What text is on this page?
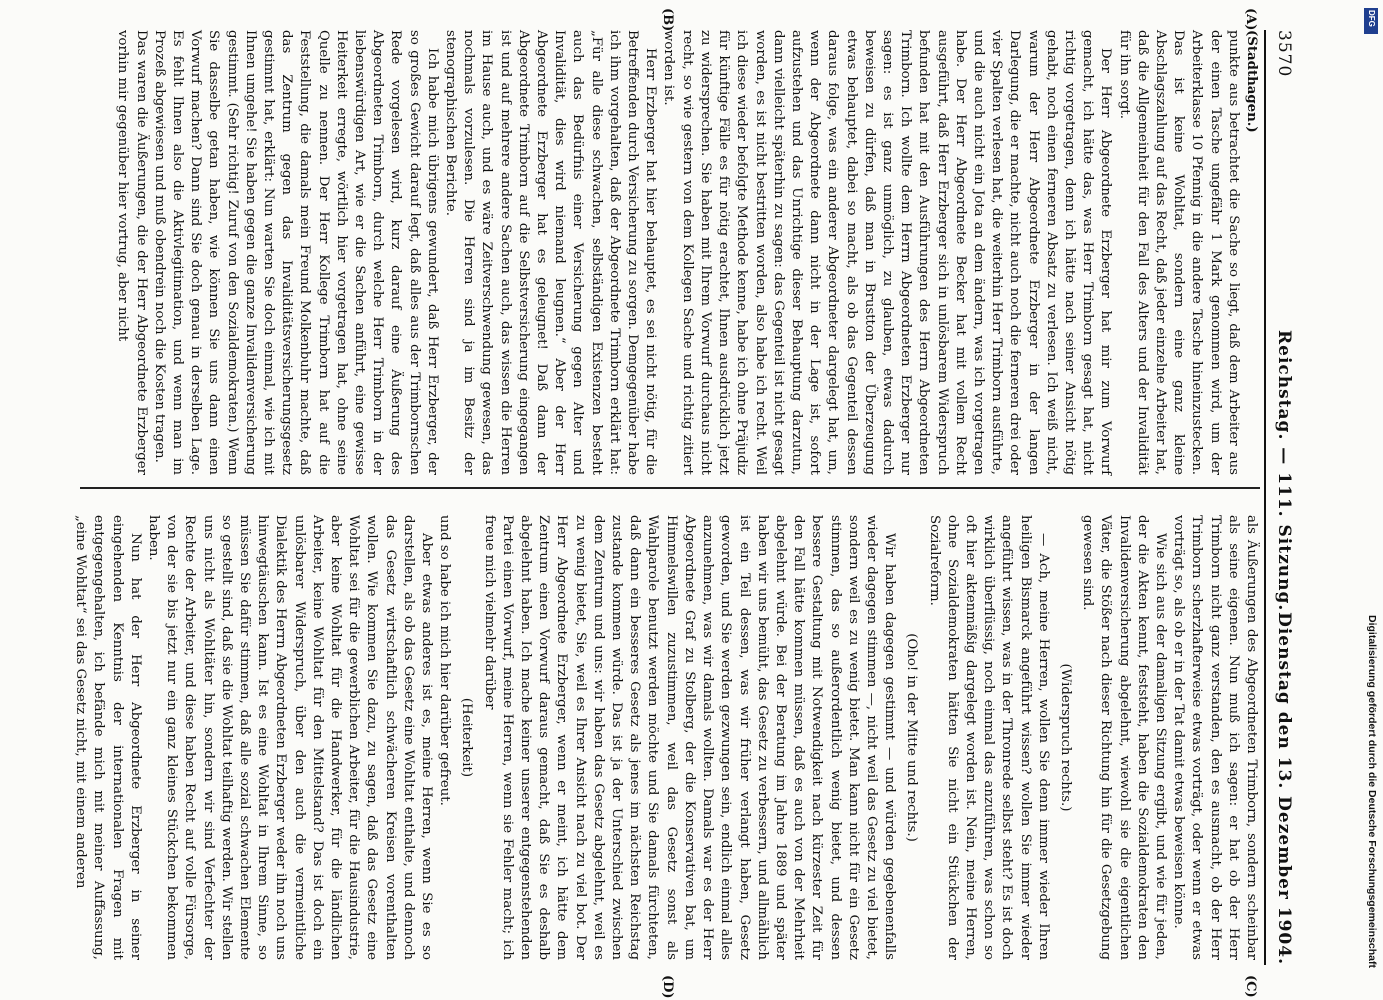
3570
Reichstag. — 111. Sitzung.
Dienstag den 13. Dezember 1904.
(A)
(B)
(C)
(D)

(Stadthagen.)

punkte aus betrachtet die Sache so liegt, daß dem Arbeiter aus der einen Tasche ungefähr 1 Mark genommen wird, um der Arbeiterklasse 10 Pfennig in die andere Tasche hineinzustecken. Das ist keine Wohltat, sondern eine ganz kleine Abschlagszahlung auf das Recht, daß jeder einzelne Arbeiter hat, daß die Allgemeinheit für den Fall des Alters und der Invalidität für ihn sorgt.

Der Herr Abgeordnete Erzberger hat mir zum Vorwurf gemacht, ich hätte das, was Herr Trimborn gesagt hat, nicht richtig vorgetragen, denn ich hätte nach seiner Ansicht nötig gehabt, noch einen ferneren Absatz zu verlesen. Ich weiß nicht, warum der Herr Abgeordnete Erzberger in der langen Darlegung, die er machte, nicht auch noch die ferneren drei oder vier Spalten verlesen hat, die weiterhin Herr Trimborn ausführte, und die auch nicht ein Jota an dem ändern, was ich vorgetragen habe. Der Herr Abgeordnete Becker hat mit vollem Recht ausgeführt, daß Herr Erzberger sich in unlösbarem Widerspruch befunden hat mit den Ausführungen des Herrn Abgeordneten Trimborn. Ich wollte dem Herrn Abgeordneten Erzberger nur sagen: es ist ganz unmöglich, zu glauben, etwas dadurch beweisen zu dürfen, daß man in Brustton der Überzeugung etwas behauptet, dabei so macht, als ob das Gegenteil dessen daraus folge, was ein anderer Abgeordneter dargelegt hat, um, wenn der Abgeordnete dann nicht in der Lage ist, sofort aufzustehen und das Unrichtige dieser Behauptung darzutun, dann vielleicht späterhin zu sagen: das Gegenteil ist nicht gesagt worden, es ist nicht bestritten worden, also habe ich recht. Weil ich diese wieder befolgte Methode kenne, habe ich ohne Präjudiz für künftige Fälle es für nötig erachtet, Ihnen ausdrücklich jetzt zu widersprechen. Sie haben mit Ihrem Vorwurf durchaus nicht recht, so wie gestern von dem Kollegen Sache und richtig zitiert worden ist.

Herr Erzberger hat hier behauptet, es sei nicht nötig, für die Betreffenden durch Versicherung zu sorgen. Demgegenüber habe ich ihm vorgehalten, daß der Abgeordnete Trimborn erklärt hat: „Für alle diese schwachen, selbständigen Existenzen besteht auch das Bedürfnis einer Versicherung gegen Alter und Invalidität, dies wird niemand leugnen.“ Aber der Herr Abgeordnete Erzberger hat es geleugnet! Daß dann der Abgeordnete Trimborn auf die Selbstversicherung eingegangen ist und auf mehrere andere Sachen auch, das wissen die Herren im Hause auch, und es wäre Zeitverschwendung gewesen, das nochmals vorzulesen. Die Herren sind ja im Besitz der stenographischen Berichte.

Ich habe mich übrigens gewundert, daß Herr Erzberger, der so großes Gewicht darauf legt, daß alles aus der Trimbornschen Rede vorgelesen wird, kurz darauf eine Äußerung des Abgeordneten Trimborn, durch welche Herr Trimborn in der liebenswürdigen Art, wie er die Sachen anführt, eine gewisse Heiterkeit erregte, wörtlich hier vorgetragen hat, ohne seine Quelle zu nennen. Der Herr Kollege Trimborn hat auf die Feststellung, die damals mein Freund Molkenbuhr machte, daß das Zentrum gegen das Invaliditätsversicherungsgesetz gestimmt hat, erklärt: Nun warten Sie doch einmal, wie ich mit Ihnen umgehe! Sie haben gegen die ganze Invalidenversicherung gestimmt. (Sehr richtig! Zuruf von den Sozialdemokraten.) Wenn Sie dasselbe getan haben, wie können Sie uns dann einen Vorwurf machen? Dann sind Sie doch genau in derselben Lage. Es fehlt Ihnen also die Aktivlegitimation, und wenn man im Prozeß abgewiesen und muß obendrein noch die Kosten tragen.

Das waren die Äußerungen, die der Herr Abgeordnete Erzberger vorhin mir gegenüber hier vortrug, aber nicht

als Äußerungen des Abgeordneten Trimborn, sondern scheinbar als seine eigenen. Nun muß ich sagen: er hat ob der Herr Trimborn nicht ganz verstanden, den es ausmacht, ob der Herr Trimborn scherzhafterweise etwas vorträgt, oder wenn er etwas vorträgt so, als ob er in der Tat damit etwas beweisen könne.

Wie sich aus der damaligen Sitzung ergibt, und wie für jeden, der die Akten kennt, feststeht, haben die Sozialdemokraten den Invalidenversicherung abgelehnt, wiewohl sie die eigentlichen Väter, die Stößer nach dieser Richtung hin für die Gesetzgebung gewesen sind.

(Widerspruch rechts.)

— Ach, meine Herren, wollen Sie denn immer wieder Ihren heiligen Bismarck angeführt wissen? wollen Sie immer wieder angeführt wissen, was in der Thronrede selbst steht? Es ist doch wirklich überflüssig, noch einmal das anzuführen, was schon so oft hier aktenmäßig dargelegt worden ist. Nein, meine Herren, ohne Sozialdemokraten hätten Sie nicht ein Stückchen der Sozialreform.

(Oho! in der Mitte und rechts.)

Wir haben dagegen gestimmt — und würden gegebenenfalls wieder dagegen stimmen —, nicht weil das Gesetz zu viel bietet, sondern weil es zu wenig bietet. Man kann nicht für ein Gesetz stimmen, das so außerordentlich wenig bietet, und dessen bessere Gestaltung mit Notwendigkeit nach kürzester Zeit für den Fall hätte kommen müssen, daß es auch von der Mehrheit abgelehnt würde. Bei der Beratung im Jahre 1889 und später haben wir uns bemüht, das Gesetz zu verbessern, und allmählich ist ein Teil dessen, was wir früher verlangt haben, Gesetz geworden, und Sie werden gezwungen sein, endlich einmal alles anzunehmen, was wir damals wollten. Damals war es der Herr Abgeordnete Graf zu Stolberg, der die Konservativen bat, um Himmelswillen zuzustimmen, weil das Gesetz sonst als Wahlparole benutzt werden möchte und Sie damals fürchteten, daß dann ein besseres Gesetz als jenes im nächsten Reichstag zustande kommen würde. Das ist ja der Unterschied zwischen dem Zentrum und uns: wir haben das Gesetz abgelehnt, weil es zu wenig bietet, Sie, weil es Ihrer Ansicht nach zu viel bot. Der Herr Abgeordnete Erzberger, wenn er meint, ich hätte dem Zentrum einen Vorwurf daraus gemacht, daß Sie es deshalb abgelehnt haben. Ich mache keiner unserer entgegenstehenden Partei einen Vorwurf, meine Herren, wenn sie Fehler macht; ich freue mich vielmehr darüber

(Heiterkeit)

und so habe ich mich hier darüber gefreut.

Aber etwas anderes ist es, meine Herren, wenn Sie es so darstellen, als ob das Gesetz eine Wohltat enthalte, und dennoch das Gesetz wirtschaftlich schwächeren Kreisen vorenthalten wollen. Wie kommen Sie dazu, zu sagen, daß das Gesetz eine Wohltat sei für die gewerblichen Arbeiter, für die Hausindustrie, aber keine Wohltat für die Handwerker, für die ländlichen Arbeiter, keine Wohltat für den Mittelstand? Das ist doch ein unlösbarer Widerspruch, über den auch die vermeintliche Dialektik des Herrn Abgeordneten Erzberger weder ihn noch uns hinwegtäuschen kann. Ist es eine Wohltat in Ihrem Sinne, so müssen Sie dafür stimmen, daß alle sozial schwachen Elemente so gestellt sind, daß sie die Wohltat teilhaftig werden. Wir stellen uns nicht als Wohltäter hin, sondern wir sind Verfechter der Rechte der Arbeiter, und diese haben Recht auf volle Fürsorge, von der sie bis jetzt nur ein ganz kleines Stückchen bekommen haben.

Nun hat der Herr Abgeordnete Erzberger in seiner eingehenden Kenntnis der internationalen Fragen mit entgegengehalten, ich befände mich mit meiner Auffassung, „eine Wohltat“ sei das Gesetz nicht, mit einem anderen

DFG
Digitalisierung gefördert durch die Deutsche Forschungsgemeinschaft
